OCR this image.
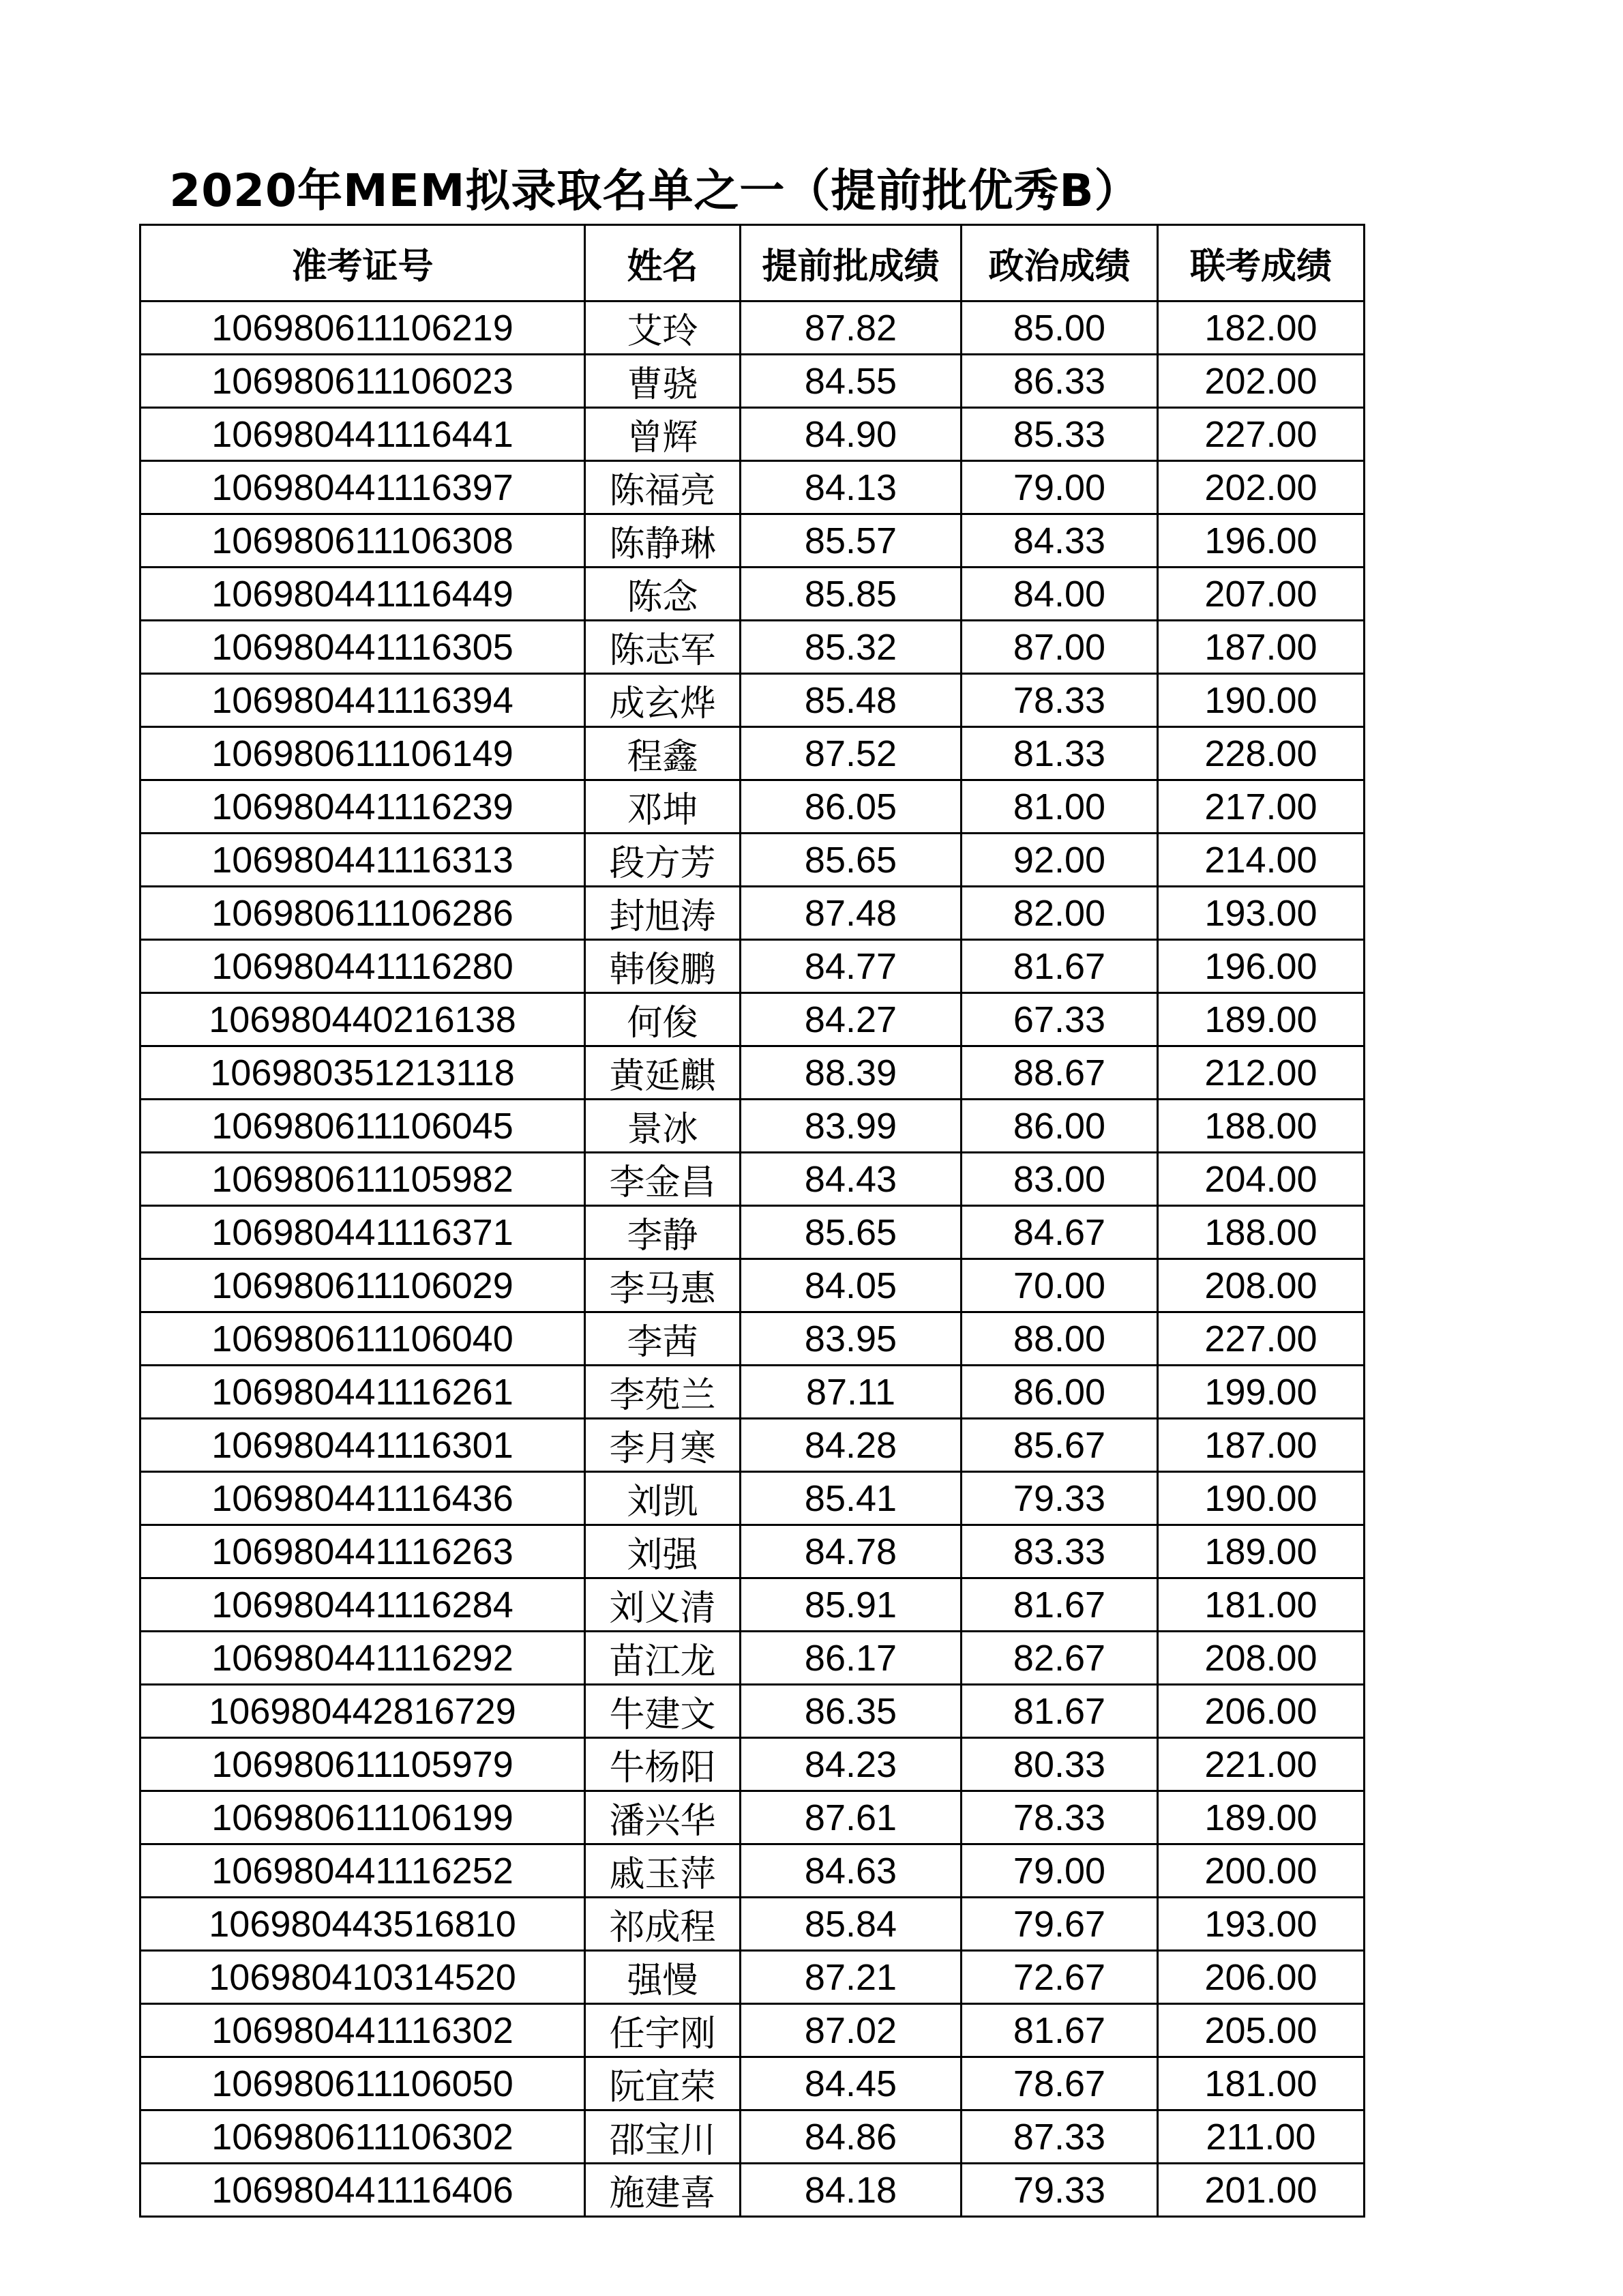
2020年MEM拟录取名单之一（提前批优秀B）
准考证号	姓名	提前批成绩	政治成绩	联考成绩
106980611106219	艾玲	87.82	85.00	182.00
106980611106023	曹骁	84.55	86.33	202.00
106980441116441	曾辉	84.90	85.33	227.00
106980441116397	陈福亮	84.13	79.00	202.00
106980611106308	陈静琳	85.57	84.33	196.00
106980441116449	陈念	85.85	84.00	207.00
106980441116305	陈志军	85.32	87.00	187.00
106980441116394	成玄烨	85.48	78.33	190.00
106980611106149	程鑫	87.52	81.33	228.00
106980441116239	邓坤	86.05	81.00	217.00
106980441116313	段方芳	85.65	92.00	214.00
106980611106286	封旭涛	87.48	82.00	193.00
106980441116280	韩俊鹏	84.77	81.67	196.00
106980440216138	何俊	84.27	67.33	189.00
106980351213118	黄延麒	88.39	88.67	212.00
106980611106045	景冰	83.99	86.00	188.00
106980611105982	李金昌	84.43	83.00	204.00
106980441116371	李静	85.65	84.67	188.00
106980611106029	李马惠	84.05	70.00	208.00
106980611106040	李茜	83.95	88.00	227.00
106980441116261	李苑兰	87.11	86.00	199.00
106980441116301	李月寒	84.28	85.67	187.00
106980441116436	刘凯	85.41	79.33	190.00
106980441116263	刘强	84.78	83.33	189.00
106980441116284	刘义清	85.91	81.67	181.00
106980441116292	苗江龙	86.17	82.67	208.00
106980442816729	牛建文	86.35	81.67	206.00
106980611105979	牛杨阳	84.23	80.33	221.00
106980611106199	潘兴华	87.61	78.33	189.00
106980441116252	戚玉萍	84.63	79.00	200.00
106980443516810	祁成程	85.84	79.67	193.00
106980410314520	强慢	87.21	72.67	206.00
106980441116302	任宇刚	87.02	81.67	205.00
106980611106050	阮宜荣	84.45	78.67	181.00
106980611106302	邵宝川	84.86	87.33	211.00
106980441116406	施建喜	84.18	79.33	201.00
